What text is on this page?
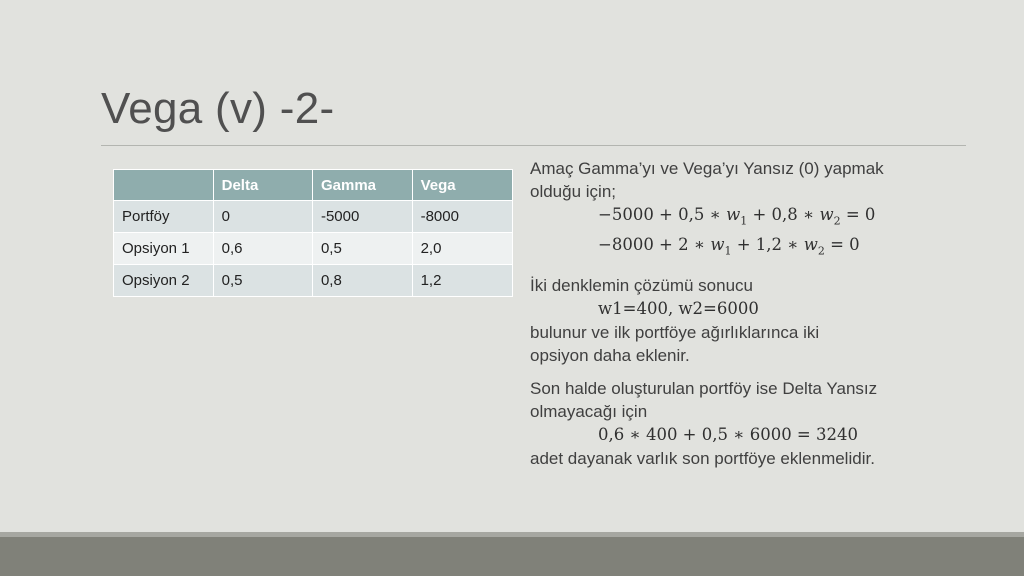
Vega (v) -2-
	Delta	Gamma	Vega
Portföy	0	-5000	-8000
Opsiyon 1	0,6	0,5	2,0
Opsiyon 2	0,5	0,8	1,2

Amaç Gamma’yı ve Vega’yı Yansız (0) yapmak

olduğu için;

−5000 + 0,5 ∗ $w_1 + 0,8$ ∗ $w_2 = 0$
−8000 + 2 ∗ $w_1 + 1,2$ ∗ $w_2 = 0$

İki denklemin çözümü sonucu

w1=400, w2=6000

bulunur ve ilk portföye ağırlıklarınca iki

opsiyon daha eklenir.

Son halde oluşturulan portföy ise Delta Yansız

olmayacağı için

0,6 ∗ 400 + 0,5 ∗ 6000 = 3240

adet dayanak varlık son portföye eklenmelidir.
